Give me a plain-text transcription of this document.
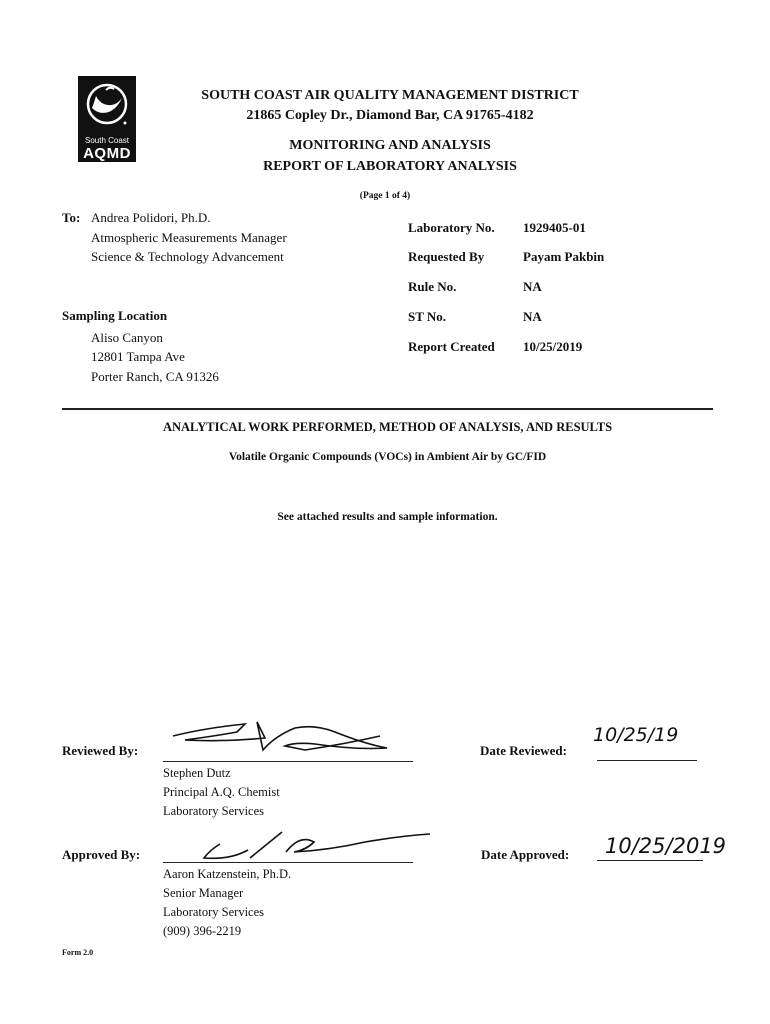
South Coast
AQMD
SOUTH COAST AIR QUALITY MANAGEMENT DISTRICT
21865 Copley Dr., Diamond Bar, CA 91765-4182
MONITORING AND ANALYSIS
REPORT OF LABORATORY ANALYSIS
(Page 1 of 4)
To: Andrea Polidori, Ph.D.
Atmospheric Measurements Manager
Science & Technology Advancement
Sampling Location
Aliso Canyon
12801 Tampa Ave
Porter Ranch, CA 91326
Laboratory No. 1929405-01
Requested By	Payam Pakbin
Rule No.	NA
ST No.	NA
Report Created 10/25/2019
ANALYTICAL WORK PERFORMED, METHOD OF ANALYSIS, AND RESULTS
Volatile Organic Compounds (VOCs) in Ambient Air by GC/FID
See attached results and sample information.
Reviewed By:
Stephen Dutz
Principal A.Q. Chemist
Laboratory Services
Date Reviewed:
10/25/19
Approved By:
Aaron Katzenstein, Ph.D.
Senior Manager
Laboratory Services
(909) 396-2219
Date Approved: 10/25/2019
Form 2.0
